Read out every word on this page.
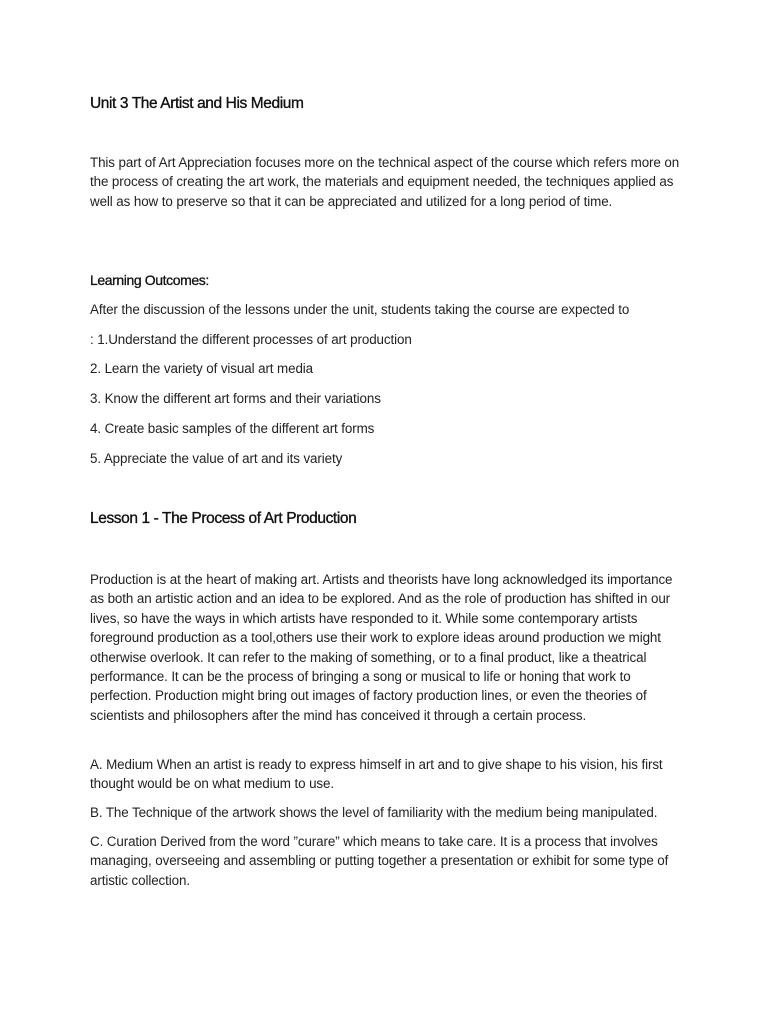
Unit 3 The Artist and His Medium

This part of Art Appreciation focuses more on the technical aspect of the course which refers more on the process of creating the art work, the materials and equipment needed, the techniques applied as well as how to preserve so that it can be appreciated and utilized for a long period of time.

Learning Outcomes:

After the discussion of the lessons under the unit, students taking the course are expected to

: 1.Understand the different processes of art production

2. Learn the variety of visual art media

3. Know the different art forms and their variations

4. Create basic samples of the different art forms

5. Appreciate the value of art and its variety

Lesson 1 - The Process of Art Production

Production is at the heart of making art. Artists and theorists have long acknowledged its importance as both an artistic action and an idea to be explored. And as the role of production has shifted in our lives, so have the ways in which artists have responded to it. While some contemporary artists foreground production as a tool,others use their work to explore ideas around production we might otherwise overlook. It can refer to the making of something, or to a final product, like a theatrical performance. It can be the process of bringing a song or musical to life or honing that work to perfection. Production might bring out images of factory production lines, or even the theories of scientists and philosophers after the mind has conceived it through a certain process.

A. Medium When an artist is ready to express himself in art and to give shape to his vision, his first thought would be on what medium to use.

B. The Technique of the artwork shows the level of familiarity with the medium being manipulated.

C. Curation Derived from the word ”curare” which means to take care. It is a process that involves managing, overseeing and assembling or putting together a presentation or exhibit for some type of artistic collection.
